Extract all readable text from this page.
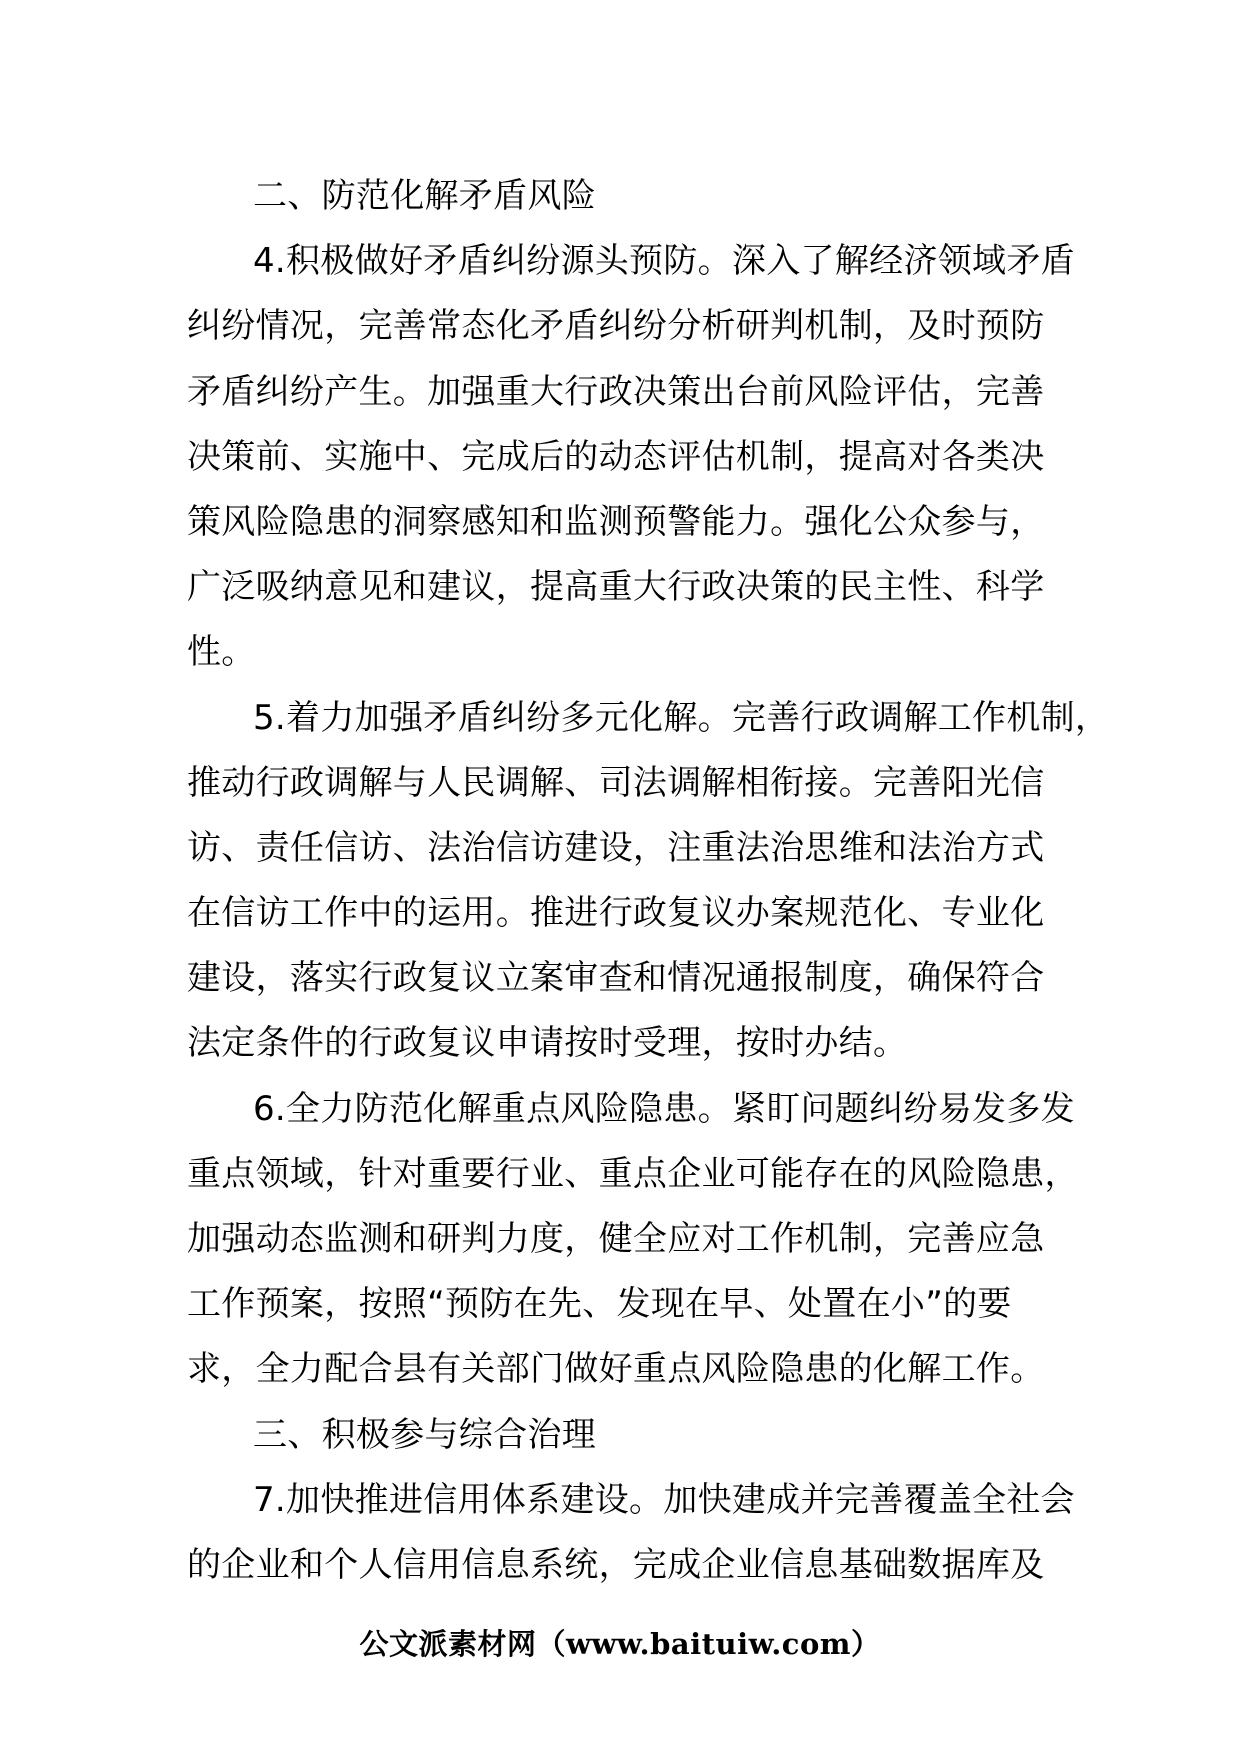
二、防范化解矛盾风险
4.积极做好矛盾纠纷源头预防。深入了解经济领域矛盾
纠纷情况，完善常态化矛盾纠纷分析研判机制，及时预防
矛盾纠纷产生。加强重大行政决策出台前风险评估，完善
决策前、实施中、完成后的动态评估机制，提高对各类决
策风险隐患的洞察感知和监测预警能力。强化公众参与，
广泛吸纳意见和建议，提高重大行政决策的民主性、科学
性。
5.着力加强矛盾纠纷多元化解。完善行政调解工作机制，
推动行政调解与人民调解、司法调解相衔接。完善阳光信
访、责任信访、法治信访建设，注重法治思维和法治方式
在信访工作中的运用。推进行政复议办案规范化、专业化
建设，落实行政复议立案审查和情况通报制度，确保符合
法定条件的行政复议申请按时受理，按时办结。
6.全力防范化解重点风险隐患。紧盯问题纠纷易发多发
重点领域，针对重要行业、重点企业可能存在的风险隐患，
加强动态监测和研判力度，健全应对工作机制，完善应急
工作预案，按照“预防在先、发现在早、处置在小”的要
求，全力配合县有关部门做好重点风险隐患的化解工作。
三、积极参与综合治理
7.加快推进信用体系建设。加快建成并完善覆盖全社会
的企业和个人信用信息系统，完成企业信息基础数据库及
公文派素材网（www.baituiw.com）
